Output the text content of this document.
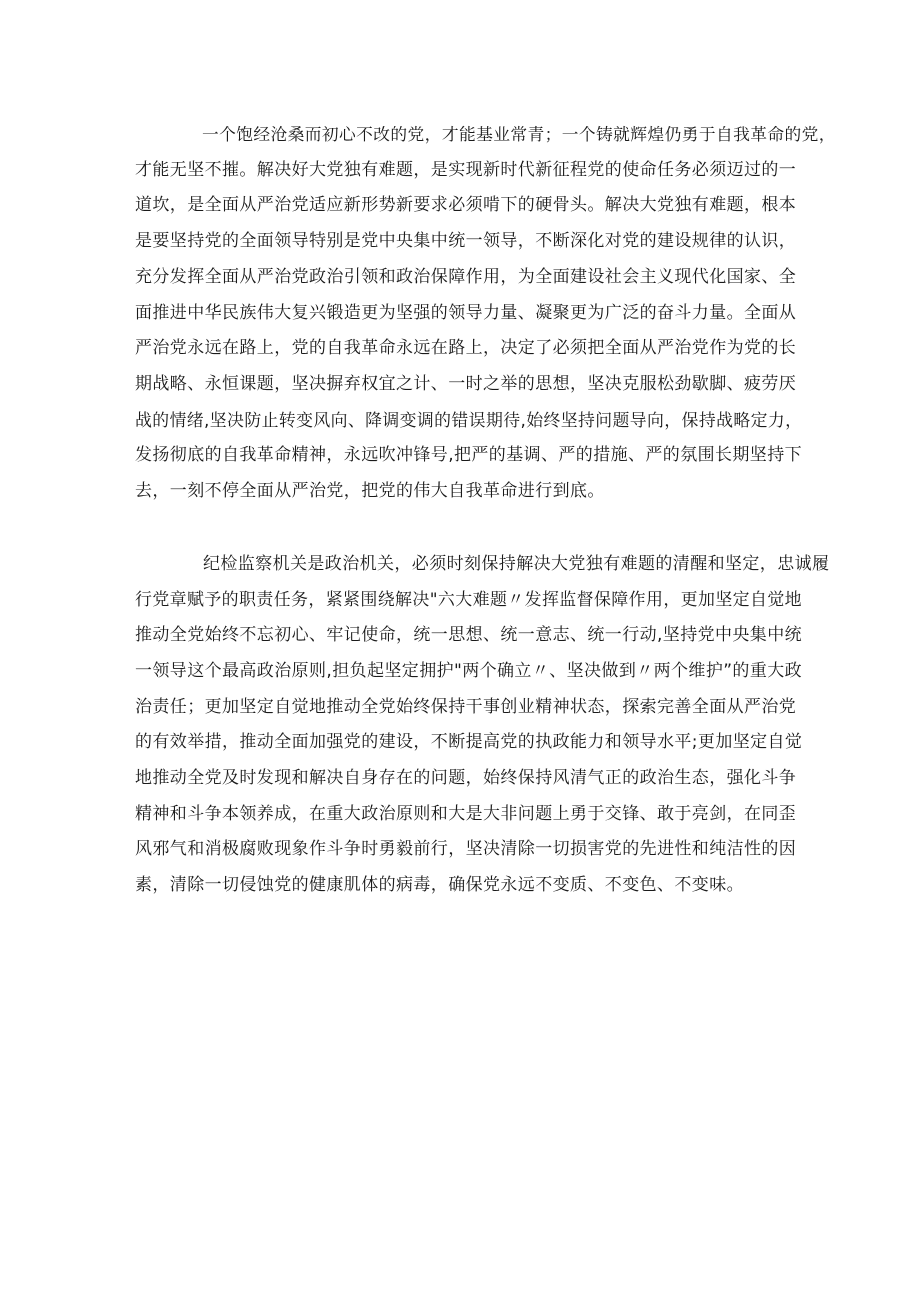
一个饱经沧桑而初心不改的党，才能基业常青；一个铸就辉煌仍勇于自我革命的党，
才能无坚不摧。解决好大党独有难题，是实现新时代新征程党的使命任务必须迈过的一
道坎，是全面从严治党适应新形势新要求必须啃下的硬骨头。解决大党独有难题，根本
是要坚持党的全面领导特别是党中央集中统一领导，不断深化对党的建设规律的认识，
充分发挥全面从严治党政治引领和政治保障作用，为全面建设社会主义现代化国家、全
面推进中华民族伟大复兴锻造更为坚强的领导力量、凝聚更为广泛的奋斗力量。全面从
严治党永远在路上，党的自我革命永远在路上，决定了必须把全面从严治党作为党的长
期战略、永恒课题，坚决摒弃权宜之计、一时之举的思想，坚决克服松劲歇脚、疲劳厌
战的情绪,坚决防止转变风向、降调变调的错误期待,始终坚持问题导向，保持战略定力，
发扬彻底的自我革命精神，永远吹冲锋号,把严的基调、严的措施、严的氛围长期坚持下
去，一刻不停全面从严治党，把党的伟大自我革命进行到底。

纪检监察机关是政治机关，必须时刻保持解决大党独有难题的清醒和坚定，忠诚履
行党章赋予的职责任务，紧紧围绕解决"六大难题〃发挥监督保障作用，更加坚定自觉地
推动全党始终不忘初心、牢记使命，统一思想、统一意志、统一行动,坚持党中央集中统
一领导这个最高政治原则,担负起坚定拥护"两个确立〃、坚决做到〃两个维护”的重大政
治责任；更加坚定自觉地推动全党始终保持干事创业精神状态，探索完善全面从严治党
的有效举措，推动全面加强党的建设，不断提高党的执政能力和领导水平;更加坚定自觉
地推动全党及时发现和解决自身存在的问题，始终保持风清气正的政治生态，强化斗争
精神和斗争本领养成，在重大政治原则和大是大非问题上勇于交锋、敢于亮剑，在同歪
风邪气和消极腐败现象作斗争时勇毅前行，坚决清除一切损害党的先进性和纯洁性的因
素，清除一切侵蚀党的健康肌体的病毒，确保党永远不变质、不变色、不变味。
